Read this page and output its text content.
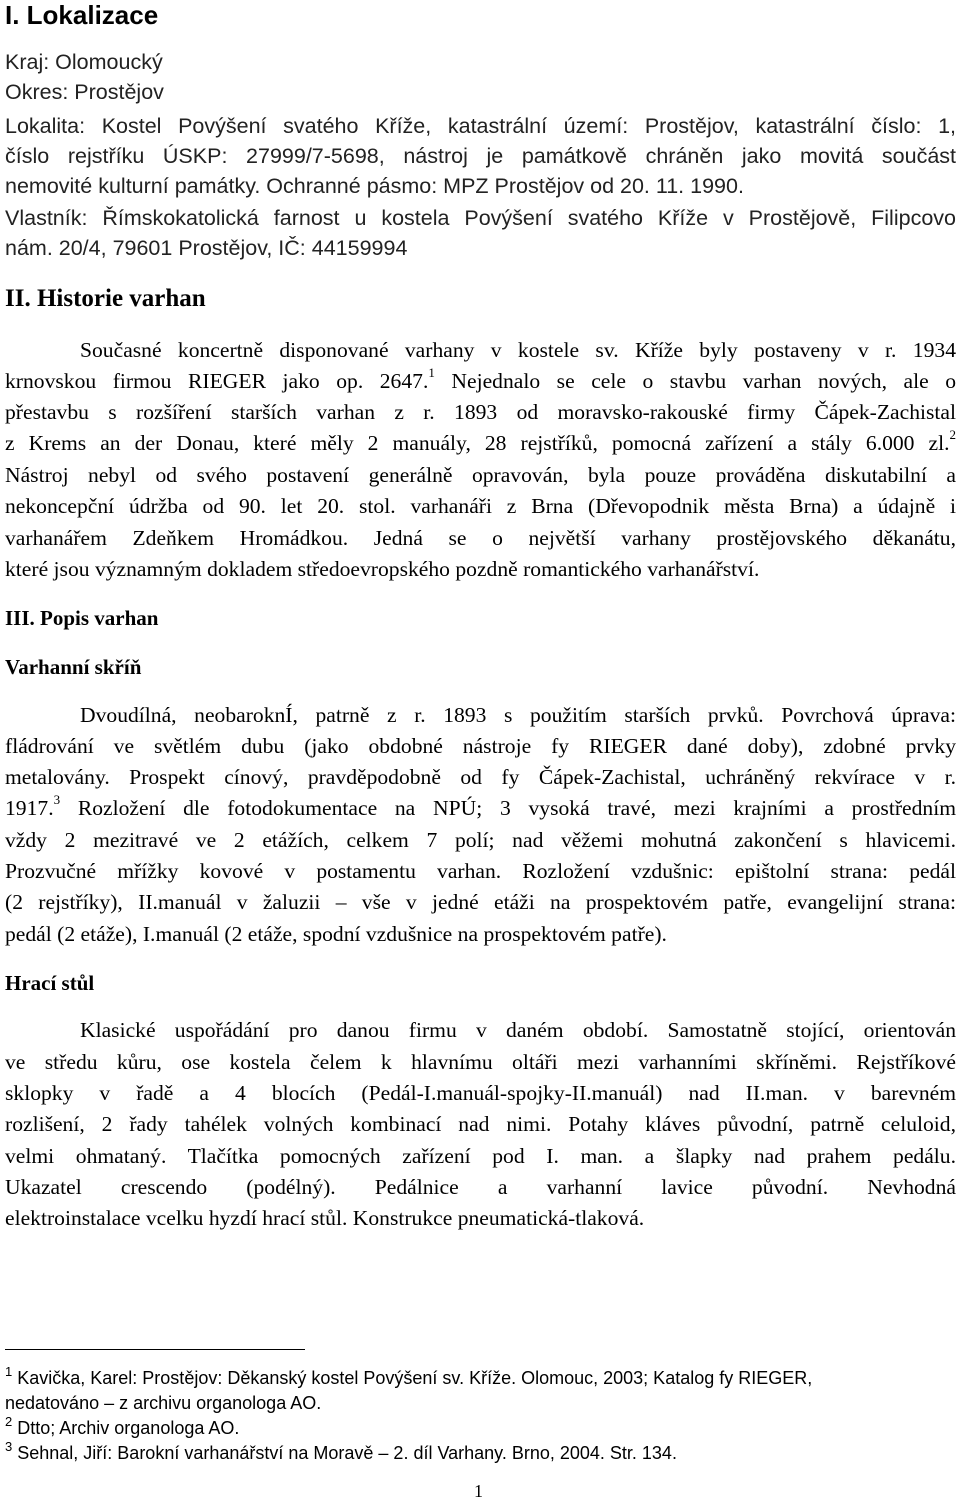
I. Lokalizace
Kraj: Olomoucký
Okres: Prostějov
Lokalita: Kostel Povýšení svatého Kříže, katastrální území: Prostějov, katastrální číslo: 1,
číslo rejstříku ÚSKP: 27999/7-5698, nástroj je památkově chráněn jako movitá součást
nemovité kulturní památky. Ochranné pásmo: MPZ Prostějov od 20. 11. 1990.
Vlastník: Římskokatolická farnost u kostela Povýšení svatého Kříže v Prostějově, Filipcovo
nám. 20/4, 79601 Prostějov, IČ: 44159994
II. Historie varhan
Současné koncertně disponované varhany v kostele sv. Kříže byly postaveny v r. 1934
krnovskou firmou RIEGER jako op. 2647.$^1$ Nejednalo se cele o stavbu varhan nových, ale o
přestavbu s rozšíření starších varhan z r. 1893 od moravsko-rakouské firmy Čápek-Zachistal
z Krems an der Donau, které měly 2 manuály, 28 rejstříků, pomocná zařízení a stály 6.000 zl.$^2$
Nástroj nebyl od svého postavení generálně opravován, byla pouze prováděna diskutabilní a
nekoncepční údržba od 90. let 20. stol. varhanáři z Brna (Dřevopodnik města Brna) a údajně i
varhanářem Zdeňkem Hromádkou. Jedná se o největší varhany prostějovského děkanátu,
které jsou významným dokladem středoevropského pozdně romantického varhanářství.
III. Popis varhan
Varhanní skříň
Dvoudílná, neobaroknÍ, patrně z r. 1893 s použitím starších prvků. Povrchová úprava:
fládrování ve světlém dubu (jako obdobné nástroje fy RIEGER dané doby), zdobné prvky
metalovány. Prospekt cínový, pravděpodobně od fy Čápek-Zachistal, uchráněný rekvírace v r.
1917.$^3$ Rozložení dle fotodokumentace na NPÚ; 3 vysoká travé, mezi krajními a prostředním
vždy 2 mezitravé ve 2 etážích, celkem 7 polí; nad věžemi mohutná zakončení s hlavicemi.
Prozvučné mřížky kovové v postamentu varhan. Rozložení vzdušnic: epištolní strana: pedál
(2 rejstříky), II.manuál v žaluzii – vše v jedné etáži na prospektovém patře, evangelijní strana:
pedál (2 etáže), I.manuál (2 etáže, spodní vzdušnice na prospektovém patře).
Hrací stůl
Klasické uspořádání pro danou firmu v daném období. Samostatně stojící, orientován
ve středu kůru, ose kostela čelem k hlavnímu oltáři mezi varhanními skříněmi. Rejstříkové
sklopky v řadě a 4 blocích (Pedál-I.manuál-spojky-II.manuál) nad II.man. v barevném
rozlišení, 2 řady tahélek volných kombinací nad nimi. Potahy kláves původní, patrně celuloid,
velmi ohmataný. Tlačítka pomocných zařízení pod I. man. a šlapky nad prahem pedálu.
Ukazatel crescendo (podélný). Pedálnice a varhanní lavice původní. Nevhodná
elektroinstalace vcelku hyzdí hrací stůl. Konstrukce pneumatická-tlaková.
$^1$ Kavička, Karel: Prostějov: Děkanský kostel Povýšení sv. Kříže. Olomouc, 2003; Katalog fy RIEGER,
nedatováno – z archivu organologa AO.
$^2$ Dtto; Archiv organologa AO.
$^3$ Sehnal, Jiří: Barokní varhanářství na Moravě – 2. díl Varhany. Brno, 2004. Str. 134.
1
